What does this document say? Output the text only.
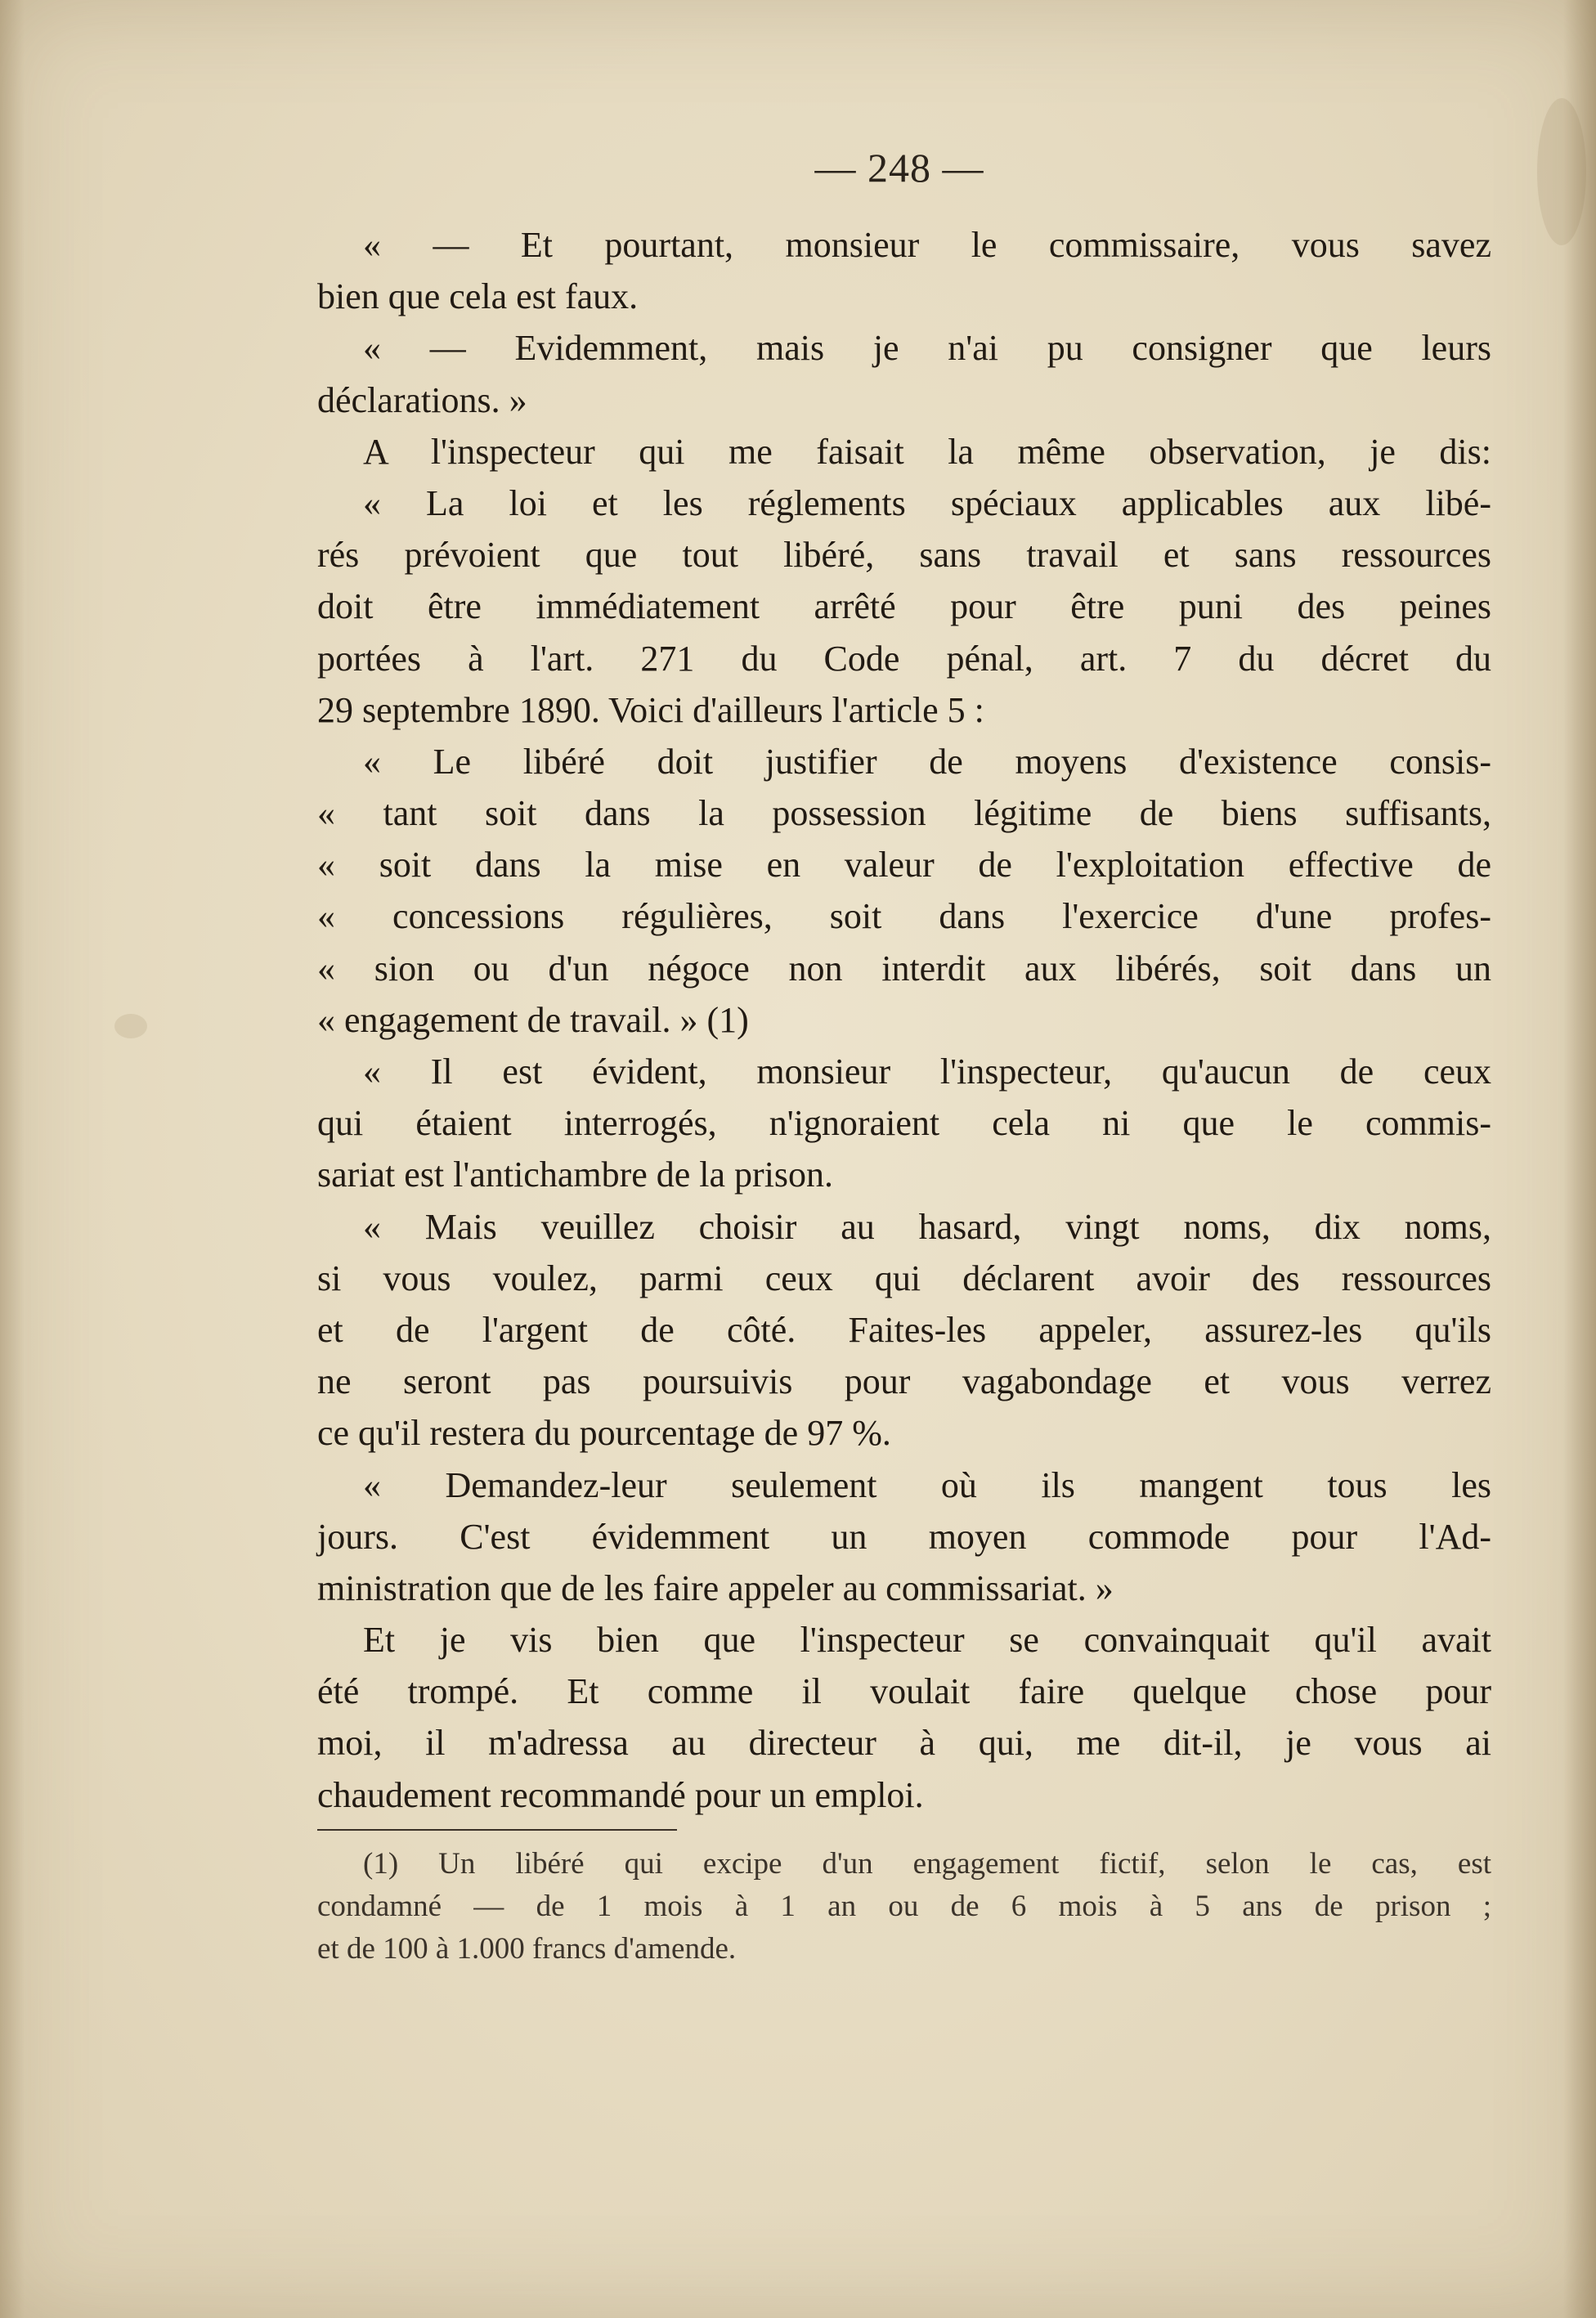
— 248 —
« — Et pourtant, monsieur le commissaire, vous savez
bien que cela est faux.
« — Evidemment, mais je n'ai pu consigner que leurs
déclarations. »
A l'inspecteur qui me faisait la même observation, je dis:
« La loi et les réglements spéciaux applicables aux libé-
rés prévoient que tout libéré, sans travail et sans ressources
doit être immédiatement arrêté pour être puni des peines
portées à l'art. 271 du Code pénal, art. 7 du décret du
29 septembre 1890. Voici d'ailleurs l'article 5 :
« Le libéré doit justifier de moyens d'existence consis-
« tant soit dans la possession légitime de biens suffisants,
« soit dans la mise en valeur de l'exploitation effective de
« concessions régulières, soit dans l'exercice d'une profes-
« sion ou d'un négoce non interdit aux libérés, soit dans un
« engagement de travail. » (1)
« Il est évident, monsieur l'inspecteur, qu'aucun de ceux
qui étaient interrogés, n'ignoraient cela ni que le commis-
sariat est l'antichambre de la prison.
« Mais veuillez choisir au hasard, vingt noms, dix noms,
si vous voulez, parmi ceux qui déclarent avoir des ressources
et de l'argent de côté. Faites-les appeler, assurez-les qu'ils
ne seront pas poursuivis pour vagabondage et vous verrez
ce qu'il restera du pourcentage de 97 %.
« Demandez-leur seulement où ils mangent tous les
jours. C'est évidemment un moyen commode pour l'Ad-
ministration que de les faire appeler au commissariat. »
Et je vis bien que l'inspecteur se convainquait qu'il avait
été trompé. Et comme il voulait faire quelque chose pour
moi, il m'adressa au directeur à qui, me dit-il, je vous ai
chaudement recommandé pour un emploi.
(1) Un libéré qui excipe d'un engagement fictif, selon le cas, est
condamné — de 1 mois à 1 an ou de 6 mois à 5 ans de prison ;
et de 100 à 1.000 francs d'amende.
